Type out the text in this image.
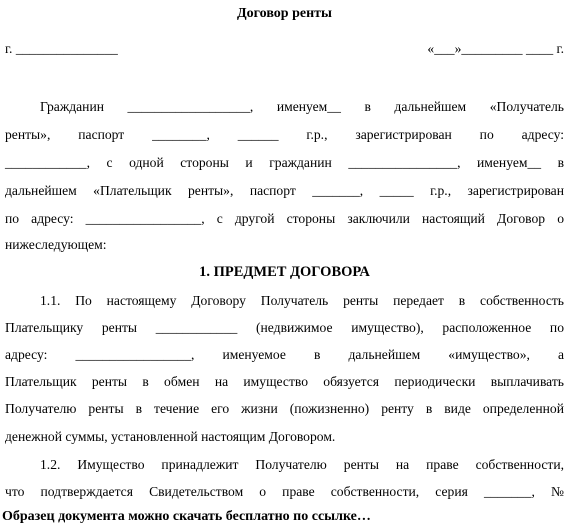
Договор ренты
г. _______________	«___»_________ ____ г.
Гражданин __________________, именуем__ в дальнейшем «Получатель
ренты», паспорт ________, ______ г.р., зарегистрирован по адресу:
____________, с одной стороны и гражданин ________________, именуем__ в
дальнейшем «Плательщик ренты», паспорт _______, _____ г.р., зарегистрирован
по адресу: _________________, с другой стороны заключили настоящий Договор о
нижеследующем:
1. ПРЕДМЕТ ДОГОВОРА
1.1. По настоящему Договору Получатель ренты передает в собственность
Плательщику ренты ____________ (недвижимое имущество), расположенное по
адресу: _________________, именуемое в дальнейшем «имущество», а
Плательщик ренты в обмен на имущество обязуется периодически выплачивать
Получателю ренты в течение его жизни (пожизненно) ренту в виде определенной
денежной суммы, установленной настоящим Договором.
1.2. Имущество принадлежит Получателю ренты на праве собственности,
что подтверждается Свидетельством о праве собственности, серия _______, №
Образец документа можно скачать бесплатно по ссылке…
